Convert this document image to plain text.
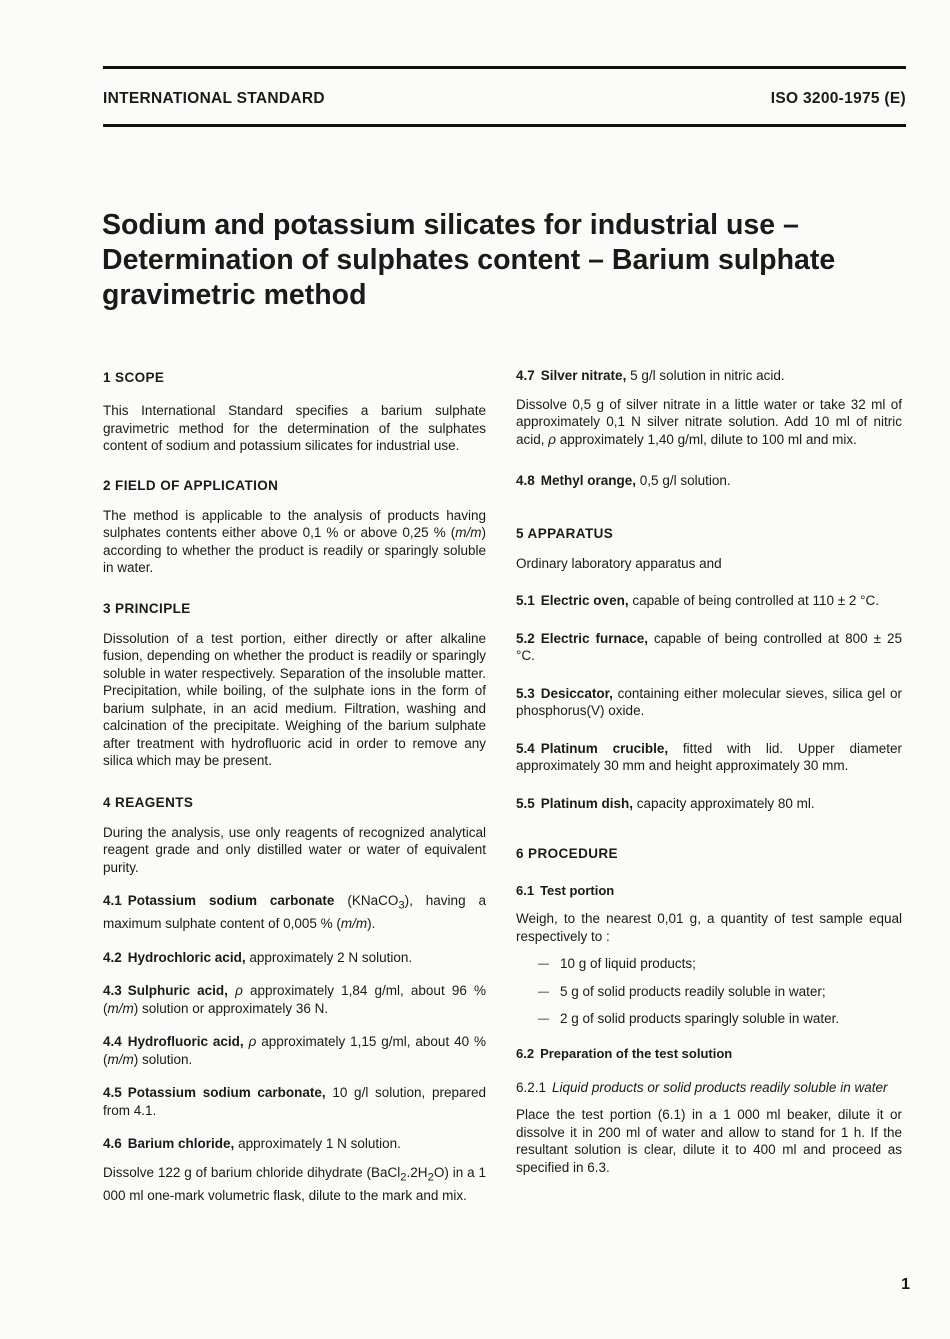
INTERNATIONAL STANDARD	ISO 3200-1975 (E)
Sodium and potassium silicates for industrial use –
Determination of sulphates content – Barium sulphate
gravimetric method
1 SCOPE

This International Standard specifies a barium sulphate gravimetric method for the determination of the sulphates content of sodium and potassium silicates for industrial use.

2 FIELD OF APPLICATION

The method is applicable to the analysis of products having sulphates contents either above 0,1 % or above 0,25 % (m/m) according to whether the product is readily or sparingly soluble in water.

3 PRINCIPLE

Dissolution of a test portion, either directly or after alkaline fusion, depending on whether the product is readily or sparingly soluble in water respectively. Separation of the insoluble matter. Precipitation, while boiling, of the sulphate ions in the form of barium sulphate, in an acid medium. Filtration, washing and calcination of the precipitate. Weighing of the barium sulphate after treatment with hydrofluoric acid in order to remove any silica which may be present.

4 REAGENTS

During the analysis, use only reagents of recognized analytical reagent grade and only distilled water or water of equivalent purity.

4.1 Potassium sodium carbonate (KNaCO$_3$), having a maximum sulphate content of 0,005 % (m/m).

4.2 Hydrochloric acid, approximately 2 N solution.

4.3 Sulphuric acid, ρ approximately 1,84 g/ml, about 96 % (m/m) solution or approximately 36 N.

4.4 Hydrofluoric acid, ρ approximately 1,15 g/ml, about 40 % (m/m) solution.

4.5 Potassium sodium carbonate, 10 g/l solution, prepared from 4.1.

4.6 Barium chloride, approximately 1 N solution.

Dissolve 122 g of barium chloride dihydrate $(BaCl_2.2H_2O)$ in a 1 000 ml one-mark volumetric flask, dilute to the mark and mix.

4.7 Silver nitrate, 5 g/l solution in nitric acid.

Dissolve 0,5 g of silver nitrate in a little water or take 32 ml of approximately 0,1 N silver nitrate solution. Add 10 ml of nitric acid, ρ approximately 1,40 g/ml, dilute to 100 ml and mix.

4.8 Methyl orange, 0,5 g/l solution.

5 APPARATUS

Ordinary laboratory apparatus and

5.1 Electric oven, capable of being controlled at 110 ± 2 °C.

5.2 Electric furnace, capable of being controlled at 800 ± 25 °C.

5.3 Desiccator, containing either molecular sieves, silica gel or phosphorus(V) oxide.

5.4 Platinum crucible, fitted with lid. Upper diameter approximately 30 mm and height approximately 30 mm.

5.5 Platinum dish, capacity approximately 80 ml.

6 PROCEDURE

6.1 Test portion

Weigh, to the nearest 0,01 g, a quantity of test sample equal respectively to :

— 10 g of liquid products;
— 5 g of solid products readily soluble in water;
— 2 g of solid products sparingly soluble in water.

6.2 Preparation of the test solution

6.2.1 Liquid products or solid products readily soluble in water

Place the test portion (6.1) in a 1 000 ml beaker, dilute it or dissolve it in 200 ml of water and allow to stand for 1 h. If the resultant solution is clear, dilute it to 400 ml and proceed as specified in 6.3.

1
